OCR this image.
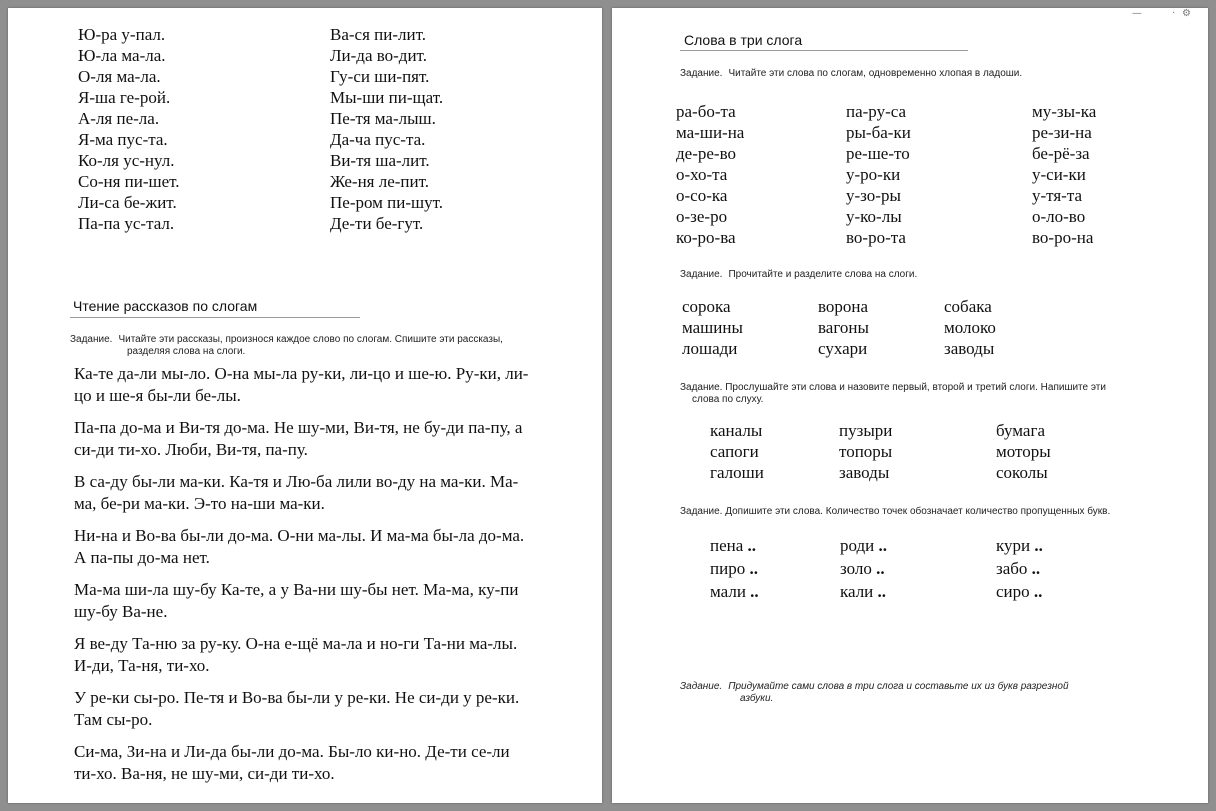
Ю-ра у-пал.
Ю-ла ма-ла.
О-ля ма-ла.
Я-ша ге-рой.
А-ля пе-ла.
Я-ма пус-та.
Ко-ля ус-нул.
Со-ня пи-шет.
Ли-са бе-жит.
Па-па ус-тал.
Ва-ся пи-лит.
Ли-да во-дит.
Гу-си ши-пят.
Мы-ши пи-щат.
Пе-тя ма-лыш.
Да-ча пус-та.
Ви-тя ша-лит.
Же-ня ле-пит.
Пе-ром пи-шут.
Де-ти бе-гут.
Чтение рассказов по слогам
Задание. Читайте эти рассказы, произнося каждое слово по слогам. Спишите эти рассказы,
разделяя слова на слоги.
Ка-те да-ли мы-ло. О-на мы-ла ру-ки, ли-цо и ше-ю. Ру-ки, ли-
цо и ше-я бы-ли бе-лы.
Па-па до-ма и Ви-тя до-ма. Не шу-ми, Ви-тя, не бу-ди па-пу, а
си-ди ти-хо. Люби, Ви-тя, па-пу.
В са-ду бы-ли ма-ки. Ка-тя и Лю-ба лили во-ду на ма-ки. Ма-
ма, бе-ри ма-ки. Э-то на-ши ма-ки.
Ни-на и Во-ва бы-ли до-ма. О-ни ма-лы. И ма-ма бы-ла до-ма.
А па-пы до-ма нет.
Ма-ма ши-ла шу-бу Ка-те, а у Ва-ни шу-бы нет. Ма-ма, ку-пи
шу-бу Ва-не.
Я ве-ду Та-ню за ру-ку. О-на е-щё ма-ла и но-ги Та-ни ма-лы.
И-ди, Та-ня, ти-хо.
У ре-ки сы-ро. Пе-тя и Во-ва бы-ли у ре-ки. Не си-ди у ре-ки.
Там сы-ро.
Си-ма, Зи-на и Ли-да бы-ли до-ма. Бы-ло ки-но. Де-ти се-ли
ти-хо. Ва-ня, не шу-ми, си-ди ти-хо.
—	· ⚙
Слова в три слога
Задание. Читайте эти слова по слогам, одновременно хлопая в ладоши.
ра-бо-та
ма-ши-на
де-ре-во
о-хо-та
о-со-ка
о-зе-ро
ко-ро-ва
па-ру-са
ры-ба-ки
ре-ше-то
у-ро-ки
у-зо-ры
у-ко-лы
во-ро-та
му-зы-ка
ре-зи-на
бе-рё-за
у-си-ки
у-тя-та
о-ло-во
во-ро-на
Задание. Прочитайте и разделите слова на слоги.
сорока
машины
лошади
ворона
вагоны
сухари
собака
молоко
заводы
Задание. Прослушайте эти слова и назовите первый, второй и третий слоги. Напишите эти
слова по слуху.
каналы
сапоги
галоши
пузыри
топоры
заводы
бумага
моторы
соколы
Задание. Допишите эти слова. Количество точек обозначает количество пропущенных букв.
пена ..
пиро ..
мали ..
роди ..
золо ..
кали ..
кури ..
забо ..
сиро ..
Задание. Придумайте сами слова в три слога и составьте их из букв разрезной
азбуки.
